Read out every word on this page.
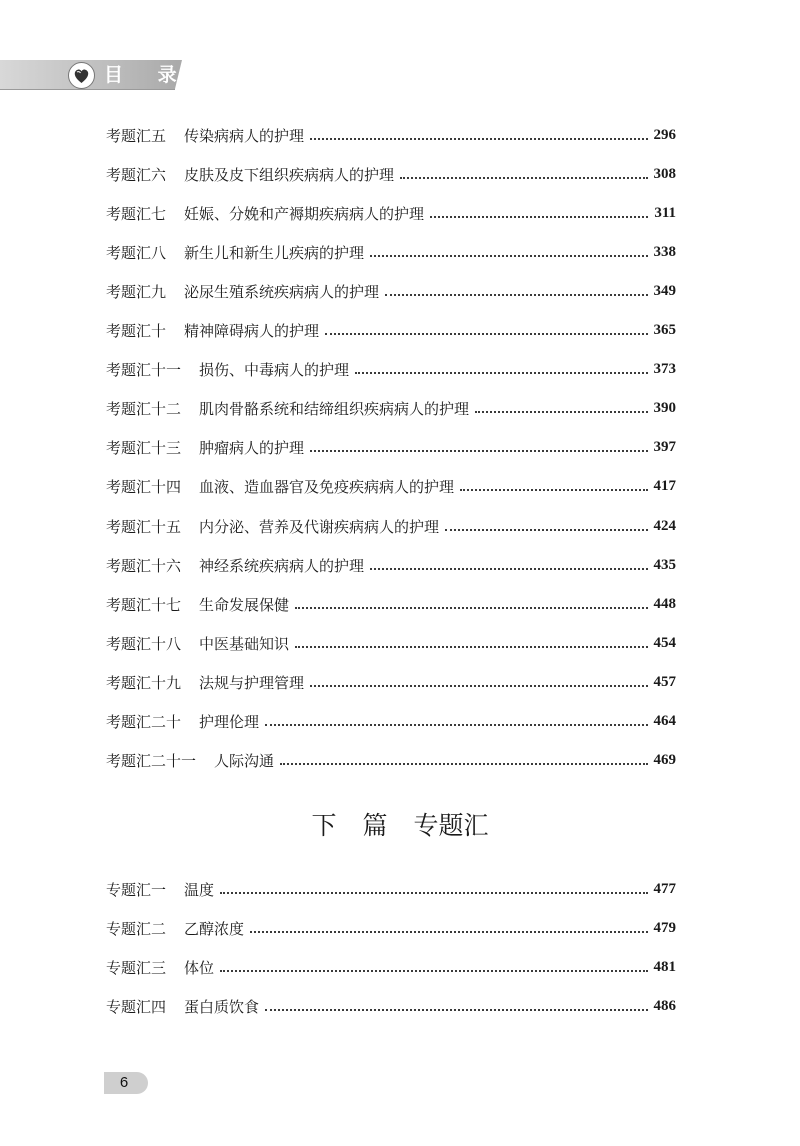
目 录
考题汇五 传染病病人的护理	296
考题汇六 皮肤及皮下组织疾病病人的护理	308
考题汇七 妊娠、分娩和产褥期疾病病人的护理	311
考题汇八 新生儿和新生儿疾病的护理	338
考题汇九 泌尿生殖系统疾病病人的护理	349
考题汇十 精神障碍病人的护理	365
考题汇十一 损伤、中毒病人的护理	373
考题汇十二 肌肉骨骼系统和结缔组织疾病病人的护理	390
考题汇十三 肿瘤病人的护理	397
考题汇十四 血液、造血器官及免疫疾病病人的护理	417
考题汇十五 内分泌、营养及代谢疾病病人的护理	424
考题汇十六 神经系统疾病病人的护理	435
考题汇十七 生命发展保健	448
考题汇十八 中医基础知识	454
考题汇十九 法规与护理管理	457
考题汇二十 护理伦理	464
考题汇二十一 人际沟通	469
下 篇 专题汇
专题汇一 温度	477
专题汇二 乙醇浓度	479
专题汇三 体位	481
专题汇四 蛋白质饮食	486
6
